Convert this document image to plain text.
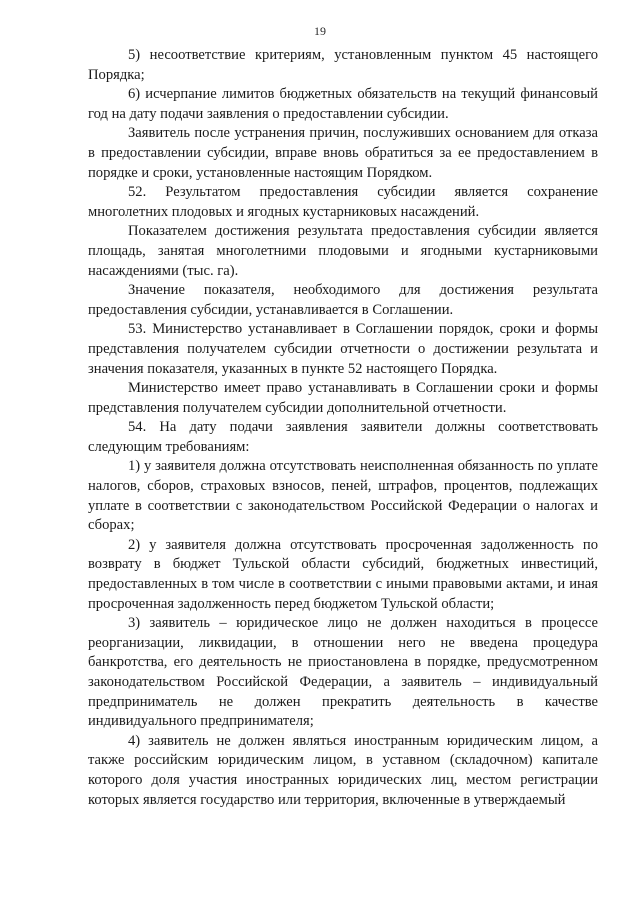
19

5) несоответствие критериям, установленным пунктом 45 настоящего Порядка;

6) исчерпание лимитов бюджетных обязательств на текущий финансовый год на дату подачи заявления о предоставлении субсидии.

Заявитель после устранения причин, послуживших основанием для отказа в предоставлении субсидии, вправе вновь обратиться за ее предоставлением в порядке и сроки, установленные настоящим Порядком.

52. Результатом предоставления субсидии является сохранение многолетних плодовых и ягодных кустарниковых насаждений.

Показателем достижения результата предоставления субсидии является площадь, занятая многолетними плодовыми и ягодными кустарниковыми насаждениями (тыс. га).

Значение показателя, необходимого для достижения результата предоставления субсидии, устанавливается в Соглашении.

53. Министерство устанавливает в Соглашении порядок, сроки и формы представления получателем субсидии отчетности о достижении результата и значения показателя, указанных в пункте 52 настоящего Порядка.

Министерство имеет право устанавливать в Соглашении сроки и формы представления получателем субсидии дополнительной отчетности.

54. На дату подачи заявления заявители должны соответствовать следующим требованиям:

1) у заявителя должна отсутствовать неисполненная обязанность по уплате налогов, сборов, страховых взносов, пеней, штрафов, процентов, подлежащих уплате в соответствии с законодательством Российской Федерации о налогах и сборах;

2) у заявителя должна отсутствовать просроченная задолженность по возврату в бюджет Тульской области субсидий, бюджетных инвестиций, предоставленных в том числе в соответствии с иными правовыми актами, и иная просроченная задолженность перед бюджетом Тульской области;

3) заявитель – юридическое лицо не должен находиться в процессе реорганизации, ликвидации, в отношении него не введена процедура банкротства, его деятельность не приостановлена в порядке, предусмотренном законодательством Российской Федерации, а заявитель – индивидуальный предприниматель не должен прекратить деятельность в качестве индивидуального предпринимателя;

4) заявитель не должен являться иностранным юридическим лицом, а также российским юридическим лицом, в уставном (складочном) капитале которого доля участия иностранных юридических лиц, местом регистрации которых является государство или территория, включенные в утверждаемый
